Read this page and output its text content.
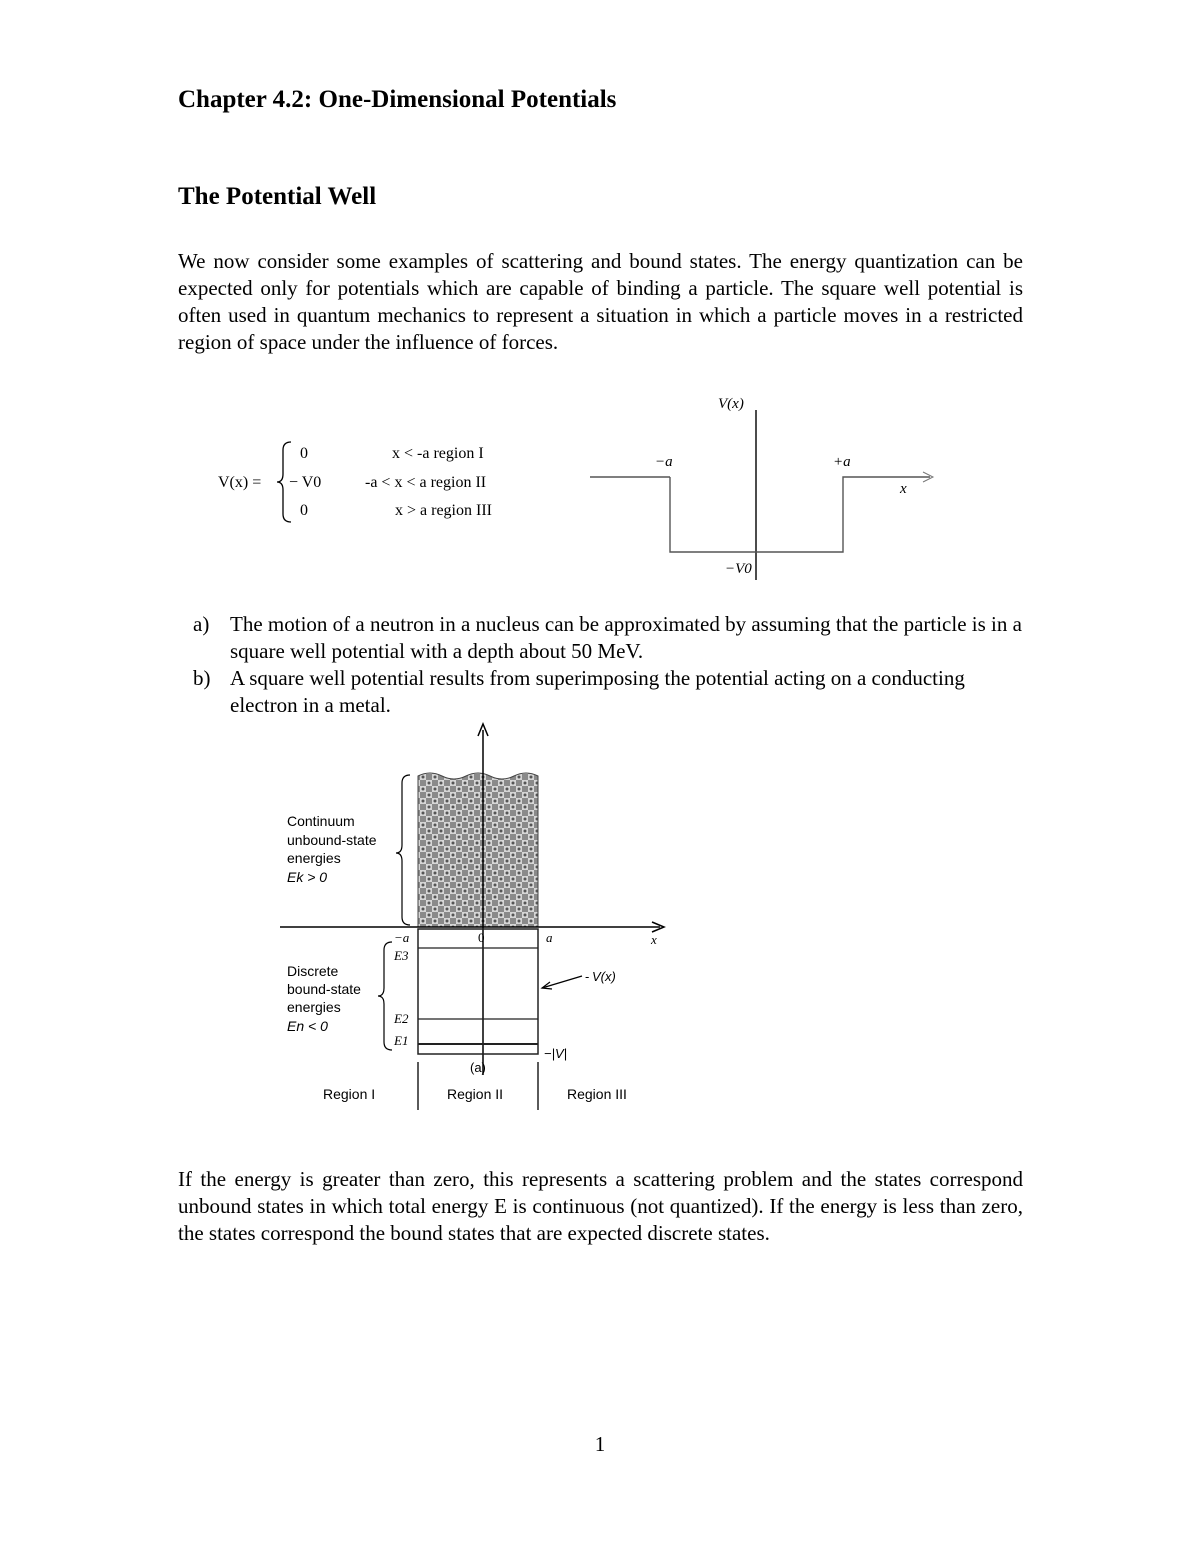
Chapter 4.2: One-Dimensional Potentials
The Potential Well

We now consider some examples of scattering and bound states. The energy quantization can be expected only for potentials which are capable of binding a particle. The square well potential is often used in quantum mechanics to represent a situation in which a particle moves in a restricted region of space under the influence of forces.

V(x) =
0	x < -a region I
− V0	-a < x < a region II
0	x > a region III
V(x)
−a	+a
x
−V0
a) The motion of a neutron in a nucleus can be approximated by assuming that the particle is in a square well potential with a depth about 50 MeV.
b) A square well potential results from superimposing the potential acting on a conducting electron in a metal.
Continuum
unbound-state
energies
Ek > 0
Discrete
bound-state
energies
En < 0
−a	0	a	x
E3
E2
E1
- V(x)
−|V|
(a)
Region I	Region II	Region III

If the energy is greater than zero, this represents a scattering problem and the states correspond unbound states in which total energy E is continuous (not quantized). If the energy is less than zero, the states correspond the bound states that are expected discrete states.

1
